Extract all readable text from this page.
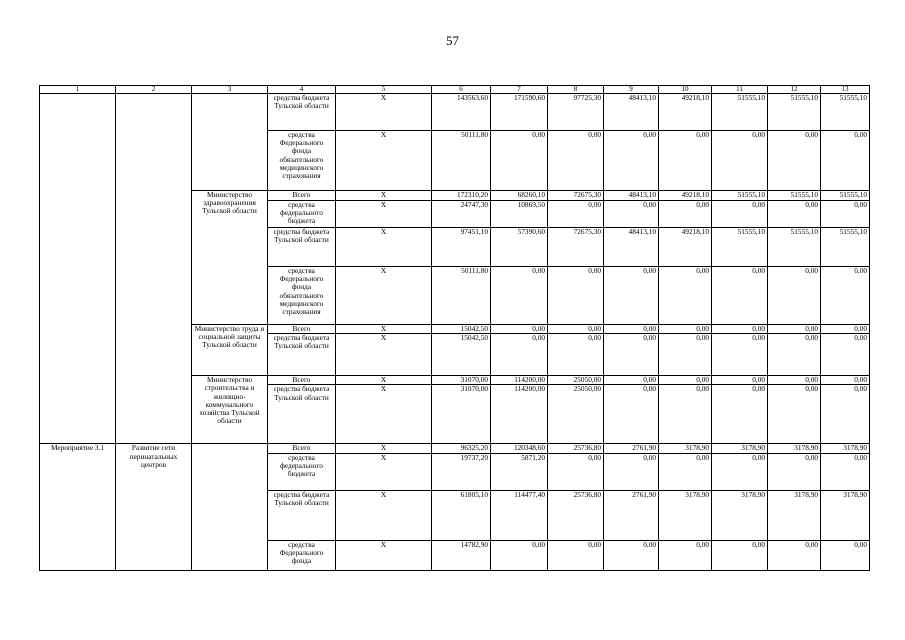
57
1	2	3	4	5	6	7	8	9	10	11	12	13
			средства бюджета Тульской области	X	143563,60	171590,60	97725,30	48413,10	49218,10	51555,10	51555,10	51555,10
			средства Федерального фонда обязательного медицинского страхования	X	50111,80	0,00	0,00	0,00	0,00	0,00	0,00	0,00
		Министерство здравоохранения Тульской области	Всего	X	172310,20	68260,10	72675,30	48413,10	49218,10	51555,10	51555,10	51555,10
			средства федерального бюджета	X	24747,30	10869,50	0,00	0,00	0,00	0,00	0,00	0,00
			средства бюджета Тульской области	X	97451,10	57390,60	72675,30	48413,10	49218,10	51555,10	51555,10	51555,10
			средства Федерального фонда обязательного медицинского страхования	X	50111,80	0,00	0,00	0,00	0,00	0,00	0,00	0,00
		Министерство труда и социальной защиты Тульской области	Всего	X	15042,50	0,00	0,00	0,00	0,00	0,00	0,00	0,00
			средства бюджета Тульской области	X	15042,50	0,00	0,00	0,00	0,00	0,00	0,00	0,00
		Министерство строительства и жилищно-коммунального хозяйства Тульской области	Всего	X	31070,00	114200,00	25050,00	0,00	0,00	0,00	0,00	0,00
			средства бюджета Тульской области	X	31070,00	114200,00	25050,00	0,00	0,00	0,00	0,00	0,00
Мероприятие 3.1	Развитие сети перинатальных центров		Всего	X	96325,20	120348,60	25736,80	2761,90	3178,90	3178,90	3178,90	3178,90
			средства федерального бюджета	X	19737,20	5871,20	0,00	0,00	0,00	0,00	0,00	0,00
			средства бюджета Тульской области	X	61805,10	114477,40	25736,80	2761,90	3178,90	3178,90	3178,90	3178,90
			средства Федерального фонда	X	14782,90	0,00	0,00	0,00	0,00	0,00	0,00	0,00
